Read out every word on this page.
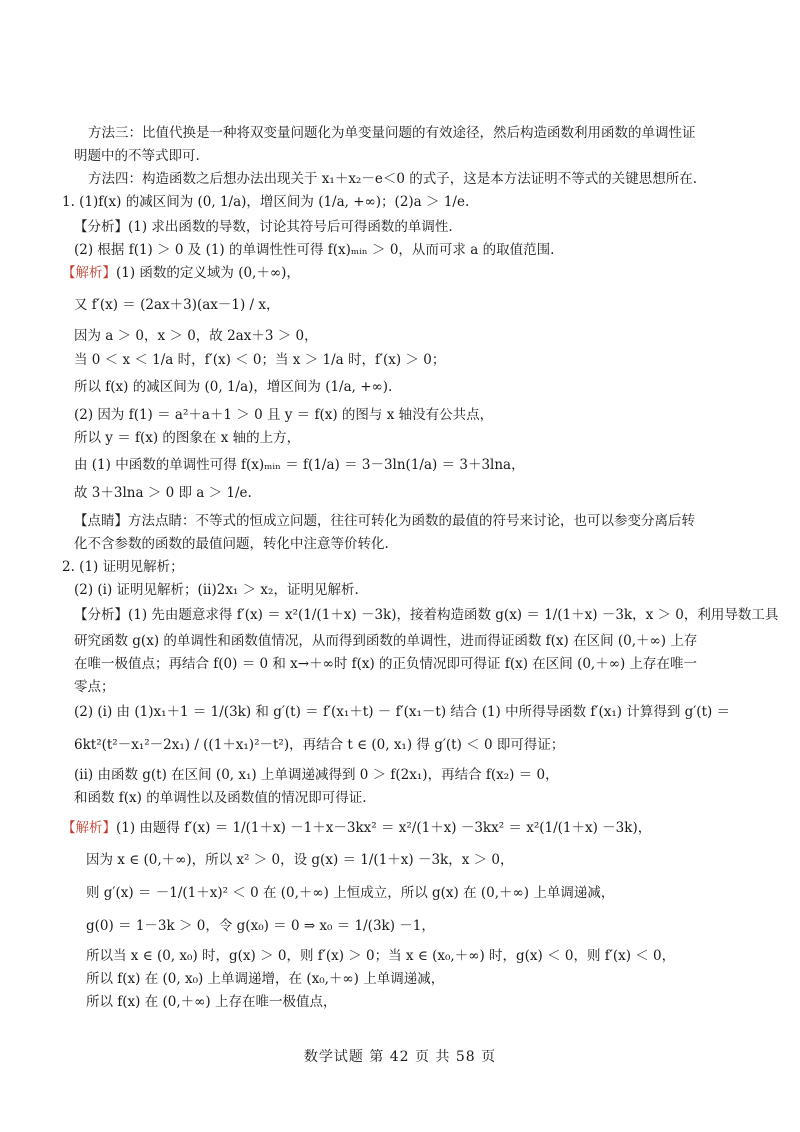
方法三：比值代换是一种将双变量问题化为单变量问题的有效途径，然后构造函数利用函数的单调性证
明题中的不等式即可.
方法四：构造函数之后想办法出现关于 x₁＋x₂－e＜0 的式子，这是本方法证明不等式的关键思想所在.
1. (1)f(x) 的减区间为 (0, 1/a)，增区间为 (1/a, +∞)；(2)a ＞ 1/e.
【分析】(1) 求出函数的导数，讨论其符号后可得函数的单调性.
(2) 根据 f(1) ＞ 0 及 (1) 的单调性性可得 f(x)ₘᵢₙ ＞ 0，从而可求 a 的取值范围.
【解析】(1) 函数的定义域为 (0,＋∞)，
又 f′(x) ＝ (2ax＋3)(ax－1) / x，
因为 a ＞ 0，x ＞ 0，故 2ax＋3 ＞ 0，
当 0 ＜ x ＜ 1/a 时，f′(x) ＜ 0；当 x ＞ 1/a 时，f′(x) ＞ 0；
所以 f(x) 的减区间为 (0, 1/a)，增区间为 (1/a, +∞).
(2) 因为 f(1) ＝ a²＋a＋1 ＞ 0 且 y ＝ f(x) 的图与 x 轴没有公共点，
所以 y ＝ f(x) 的图象在 x 轴的上方，
由 (1) 中函数的单调性可得 f(x)ₘᵢₙ ＝ f(1/a) ＝ 3－3ln(1/a) ＝ 3＋3lna，
故 3＋3lna ＞ 0 即 a ＞ 1/e.
【点睛】方法点睛：不等式的恒成立问题，往往可转化为函数的最值的符号来讨论，也可以参变分离后转
化不含参数的函数的最值问题，转化中注意等价转化.
2. (1) 证明见解析；
(2) (i) 证明见解析；(ii)2x₁ ＞ x₂，证明见解析.
【分析】(1) 先由题意求得 f′(x) ＝ x²(1/(1＋x) －3k)，接着构造函数 g(x) ＝ 1/(1＋x) －3k，x ＞ 0，利用导数工具
研究函数 g(x) 的单调性和函数值情况，从而得到函数的单调性，进而得证函数 f(x) 在区间 (0,＋∞) 上存
在唯一极值点；再结合 f(0) ＝ 0 和 x→＋∞时 f(x) 的正负情况即可得证 f(x) 在区间 (0,＋∞) 上存在唯一
零点；
(2) (i) 由 (1)x₁＋1 ＝ 1/(3k) 和 g′(t) ＝ f′(x₁＋t) － f′(x₁－t) 结合 (1) 中所得导函数 f′(x₁) 计算得到 g′(t) ＝
6kt²(t²－x₁²－2x₁) / ((1＋x₁)²－t²)，再结合 t ∈ (0, x₁) 得 g′(t) ＜ 0 即可得证；
(ii) 由函数 g(t) 在区间 (0, x₁) 上单调递减得到 0 ＞ f(2x₁)，再结合 f(x₂) ＝ 0，
和函数 f(x) 的单调性以及函数值的情况即可得证.
【解析】(1) 由题得 f′(x) ＝ 1/(1＋x) －1＋x－3kx² ＝ x²/(1＋x) －3kx² ＝ x²(1/(1＋x) －3k)，
因为 x ∈ (0,＋∞)，所以 x² ＞ 0，设 g(x) ＝ 1/(1＋x) －3k，x ＞ 0，
则 g′(x) ＝ －1/(1＋x)² ＜ 0 在 (0,＋∞) 上恒成立，所以 g(x) 在 (0,＋∞) 上单调递减，
g(0) ＝ 1－3k ＞ 0，令 g(x₀) ＝ 0 ⇒ x₀ ＝ 1/(3k) －1，
所以当 x ∈ (0, x₀) 时，g(x) ＞ 0，则 f′(x) ＞ 0；当 x ∈ (x₀,＋∞) 时，g(x) ＜ 0，则 f′(x) ＜ 0，
所以 f(x) 在 (0, x₀) 上单调递增，在 (x₀,＋∞) 上单调递减，
所以 f(x) 在 (0,＋∞) 上存在唯一极值点，
数学试题 第 42 页 共 58 页
